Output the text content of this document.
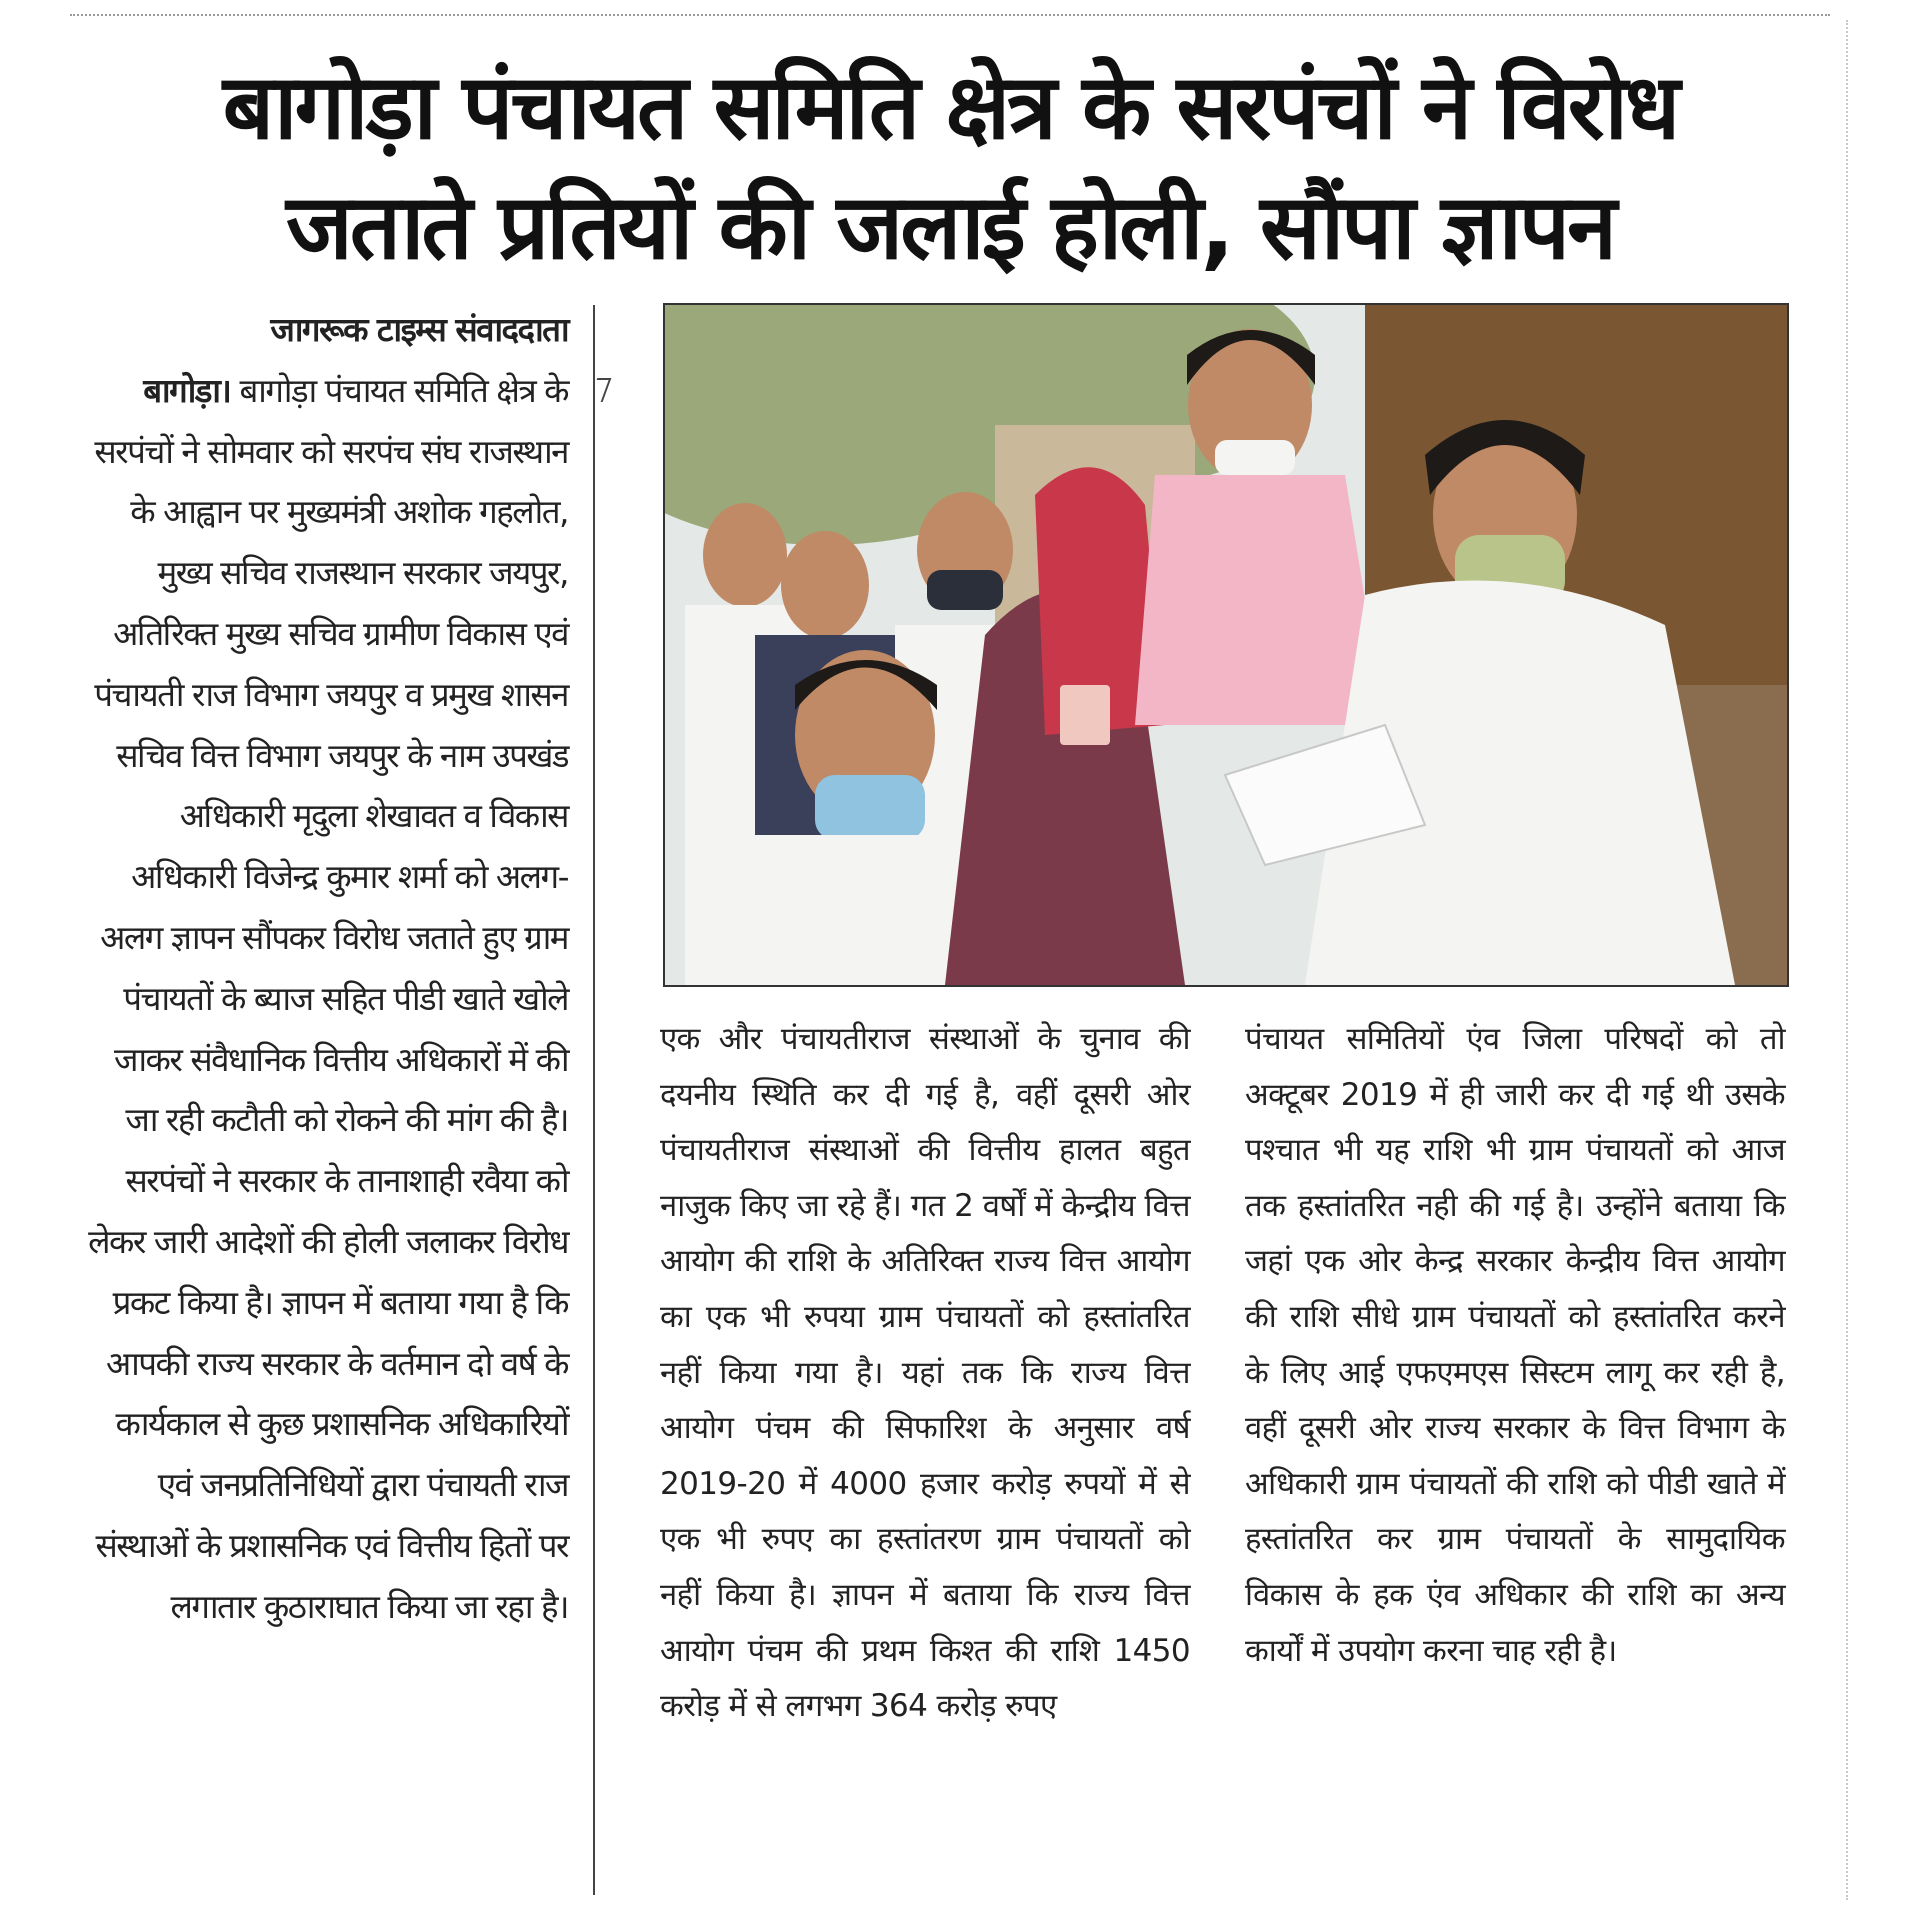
बागोड़ा पंचायत समिति क्षेत्र के सरपंचों ने विरोध
जताते प्रतियों की जलाई होली, सौंपा ज्ञापन
जागरूक टाइम्स संवाददाता
बागोड़ा। बागोड़ा पंचायत समिति क्षेत्र के सरपंचों ने सोमवार को सरपंच संघ राजस्थान के आह्वान पर मुख्यमंत्री अशोक गहलोत, मुख्य सचिव राजस्थान सरकार जयपुर, अतिरिक्त मुख्य सचिव ग्रामीण विकास एवं पंचायती राज विभाग जयपुर व प्रमुख शासन सचिव वित्त विभाग जयपुर के नाम उपखंड अधिकारी मृदुला शेखावत व विकास अधिकारी विजेन्द्र कुमार शर्मा को अलग-अलग ज्ञापन सौंपकर विरोध जताते हुए ग्राम पंचायतों के ब्याज सहित पीडी खाते खोले जाकर संवैधानिक वित्तीय अधिकारों में की जा रही कटौती को रोकने की मांग की है। सरपंचों ने सरकार के तानाशाही रवैया को लेकर जारी आदेशों की होली जलाकर विरोध प्रकट किया है। ज्ञापन में बताया गया है कि आपकी राज्य सरकार के वर्तमान दो वर्ष के कार्यकाल से कुछ प्रशासनिक अधिकारियों एवं जनप्रतिनिधियों द्वारा पंचायती राज संस्थाओं के प्रशासनिक एवं वित्तीय हितों पर लगातार कुठाराघात किया जा रहा है।
एक और पंचायतीराज संस्थाओं के चुनाव की दयनीय स्थिति कर दी गई है, वहीं दूसरी ओर पंचायतीराज संस्थाओं की वित्तीय हालत बहुत नाजुक किए जा रहे हैं। गत 2 वर्षों में केन्द्रीय वित्त आयोग की राशि के अतिरिक्त राज्य वित्त आयोग का एक भी रुपया ग्राम पंचायतों को हस्तांतरित नहीं किया गया है। यहां तक कि राज्य वित्त आयोग पंचम की सिफारिश के अनुसार वर्ष 2019-20 में 4000 हजार करोड़ रुपयों में से एक भी रुपए का हस्तांतरण ग्राम पंचायतों को नहीं किया है। ज्ञापन में बताया कि राज्य वित्त आयोग पंचम की प्रथम किश्त की राशि 1450 करोड़ में से लगभग 364 करोड़ रुपए
पंचायत समितियों एंव जिला परिषदों को तो अक्टूबर 2019 में ही जारी कर दी गई थी उसके पश्चात भी यह राशि भी ग्राम पंचायतों को आज तक हस्तांतरित नही की गई है। उन्होंने बताया कि जहां एक ओर केन्द्र सरकार केन्द्रीय वित्त आयोग की राशि सीधे ग्राम पंचायतों को हस्तांतरित करने के लिए आई एफएमएस सिस्टम लागू कर रही है, वहीं दूसरी ओर राज्य सरकार के वित्त विभाग के अधिकारी ग्राम पंचायतों की राशि को पीडी खाते में हस्तांतरित कर ग्राम पंचायतों के सामुदायिक विकास के हक एंव अधिकार की राशि का अन्य कार्यों में उपयोग करना चाह रही है।
